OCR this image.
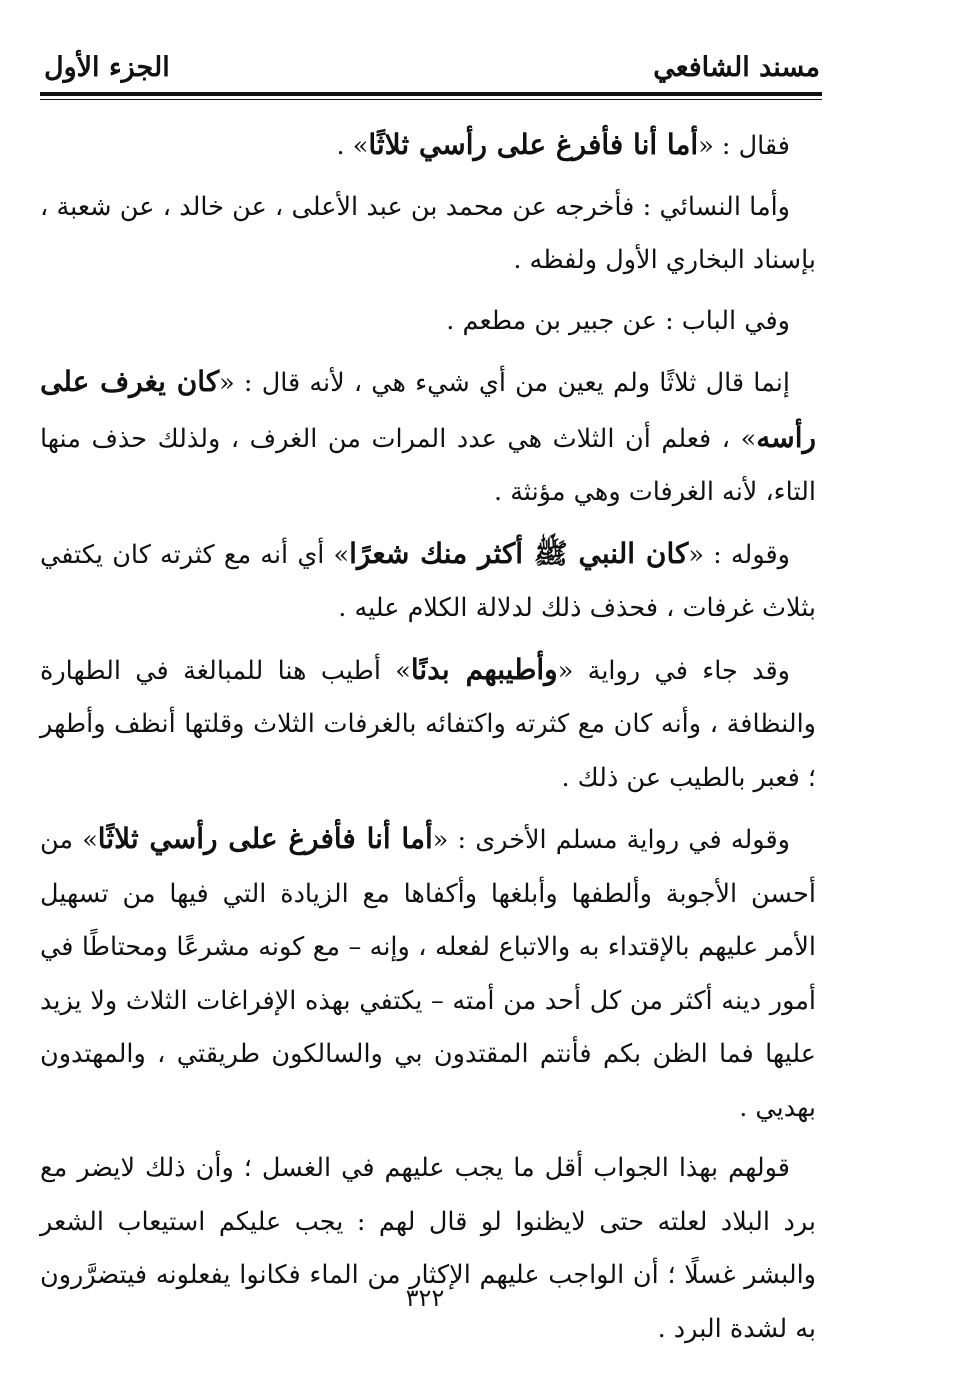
مسند الشافعي
الجزء الأول

فقال : «أما أنا فأفرغ على رأسي ثلاثًا» .

وأما النسائي : فأخرجه عن محمد بن عبد الأعلى ، عن خالد ، عن شعبة ، بإسناد البخاري الأول ولفظه .

وفي الباب : عن جبير بن مطعم .

إنما قال ثلاثًا ولم يعين من أي شيء هي ، لأنه قال : «كان يغرف على رأسه» ، فعلم أن الثلاث هي عدد المرات من الغرف ، ولذلك حذف منها التاء، لأنه الغرفات وهي مؤنثة .

وقوله : «كان النبي ﷺ أكثر منك شعرًا» أي أنه مع كثرته كان يكتفي بثلاث غرفات ، فحذف ذلك لدلالة الكلام عليه .

وقد جاء في رواية «وأطيبهم بدنًا» أطيب هنا للمبالغة في الطهارة والنظافة ، وأنه كان مع كثرته واكتفائه بالغرفات الثلاث وقلتها أنظف وأطهر ؛ فعبر بالطيب عن ذلك .

وقوله في رواية مسلم الأخرى : «أما أنا فأفرغ على رأسي ثلاثًا» من أحسن الأجوبة وألطفها وأبلغها وأكفاها مع الزيادة التي فيها من تسهيل الأمر عليهم بالإقتداء به والاتباع لفعله ، وإنه – مع كونه مشرعًا ومحتاطًا في أمور دينه أكثر من كل أحد من أمته – يكتفي بهذه الإفراغات الثلاث ولا يزيد عليها فما الظن بكم فأنتم المقتدون بي والسالكون طريقتي ، والمهتدون بهديي .

قولهم بهذا الجواب أقل ما يجب عليهم في الغسل ؛ وأن ذلك لايضر مع برد البلاد لعلته حتى لايظنوا لو قال لهم : يجب عليكم استيعاب الشعر والبشر غسلًا ؛ أن الواجب عليهم الإكثار من الماء فكانوا يفعلونه فيتضرَّرون به لشدة البرد .

٣٢٢
